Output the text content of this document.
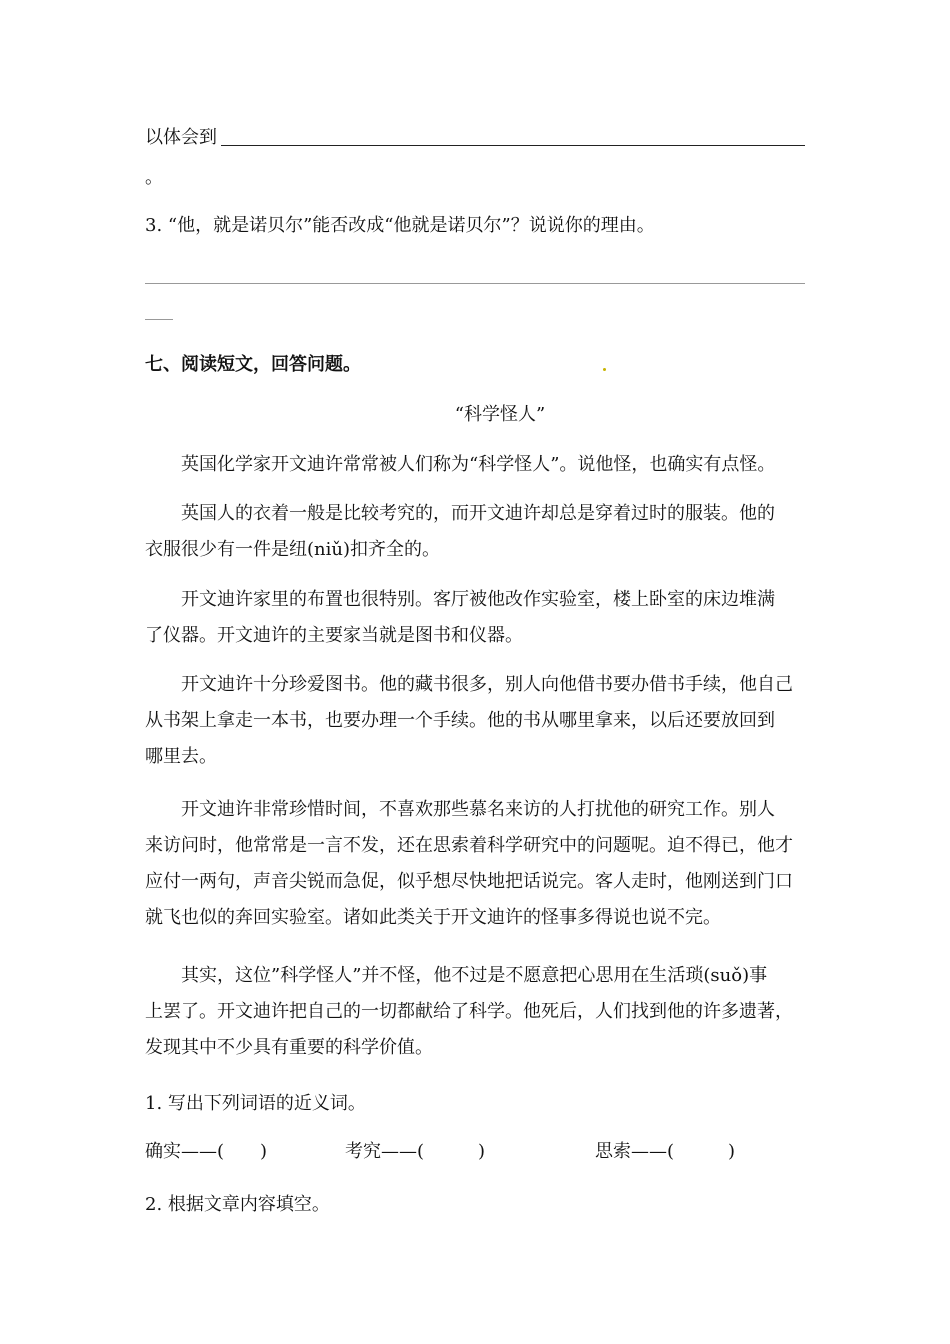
以体会到
。
3. “他，就是诺贝尔”能否改成“他就是诺贝尔”？说说你的理由。
七、阅读短文，回答问题。
“科学怪人”
英国化学家开文迪许常常被人们称为“科学怪人”。说他怪，也确实有点怪。
英国人的衣着一般是比较考究的，而开文迪许却总是穿着过时的服装。他的
衣服很少有一件是纽(niǔ)扣齐全的。
开文迪许家里的布置也很特别。客厅被他改作实验室，楼上卧室的床边堆满
了仪器。开文迪许的主要家当就是图书和仪器。
开文迪许十分珍爱图书。他的藏书很多，别人向他借书要办借书手续，他自己
从书架上拿走一本书，也要办理一个手续。他的书从哪里拿来，以后还要放回到
哪里去。
开文迪许非常珍惜时间，不喜欢那些慕名来访的人打扰他的研究工作。别人
来访问时，他常常是一言不发，还在思索着科学研究中的问题呢。迫不得已，他才
应付一两句，声音尖锐而急促，似乎想尽快地把话说完。客人走时，他刚送到门口
就飞也似的奔回实验室。诸如此类关于开文迪许的怪事多得说也说不完。
其实，这位”科学怪人”并不怪，他不过是不愿意把心思用在生活琐(suǒ)事
上罢了。开文迪许把自己的一切都献给了科学。他死后，人们找到他的许多遗著，
发现其中不少具有重要的科学价值。
1. 写出下列词语的近义词。
确实——(　　)	考究——(　　　)	思索——(　　　)
2. 根据文章内容填空。
